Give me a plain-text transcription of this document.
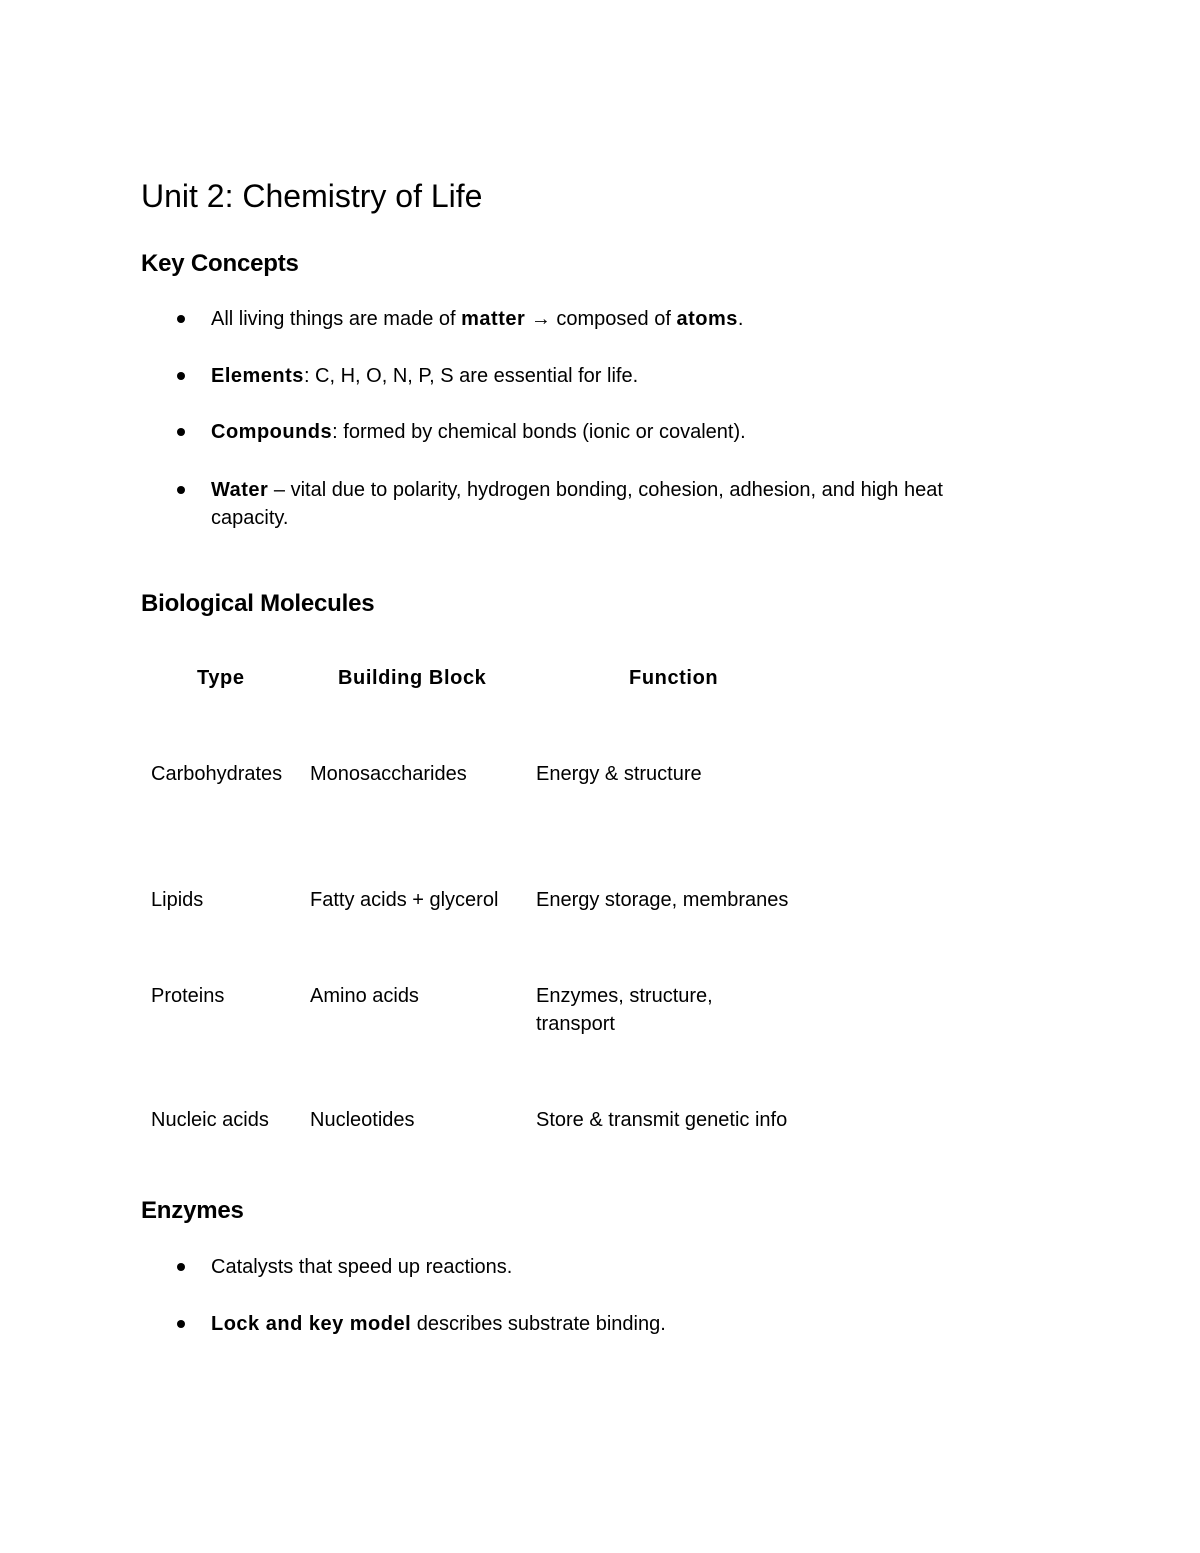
Unit 2: Chemistry of Life
Key Concepts
All living things are made of matter → composed of atoms.
Elements: C, H, O, N, P, S are essential for life.
Compounds: formed by chemical bonds (ionic or covalent).
Water – vital due to polarity, hydrogen bonding, cohesion, adhesion, and high heat capacity.
Biological Molecules
Type	Building Block	Function
Carbohydrates	Monosaccharides	Energy & structure
Lipids	Fatty acids + glycerol	Energy storage, membranes
Proteins	Amino acids	Enzymes, structure, transport
Nucleic acids	Nucleotides	Store & transmit genetic info
Enzymes
Catalysts that speed up reactions.
Lock and key model describes substrate binding.
